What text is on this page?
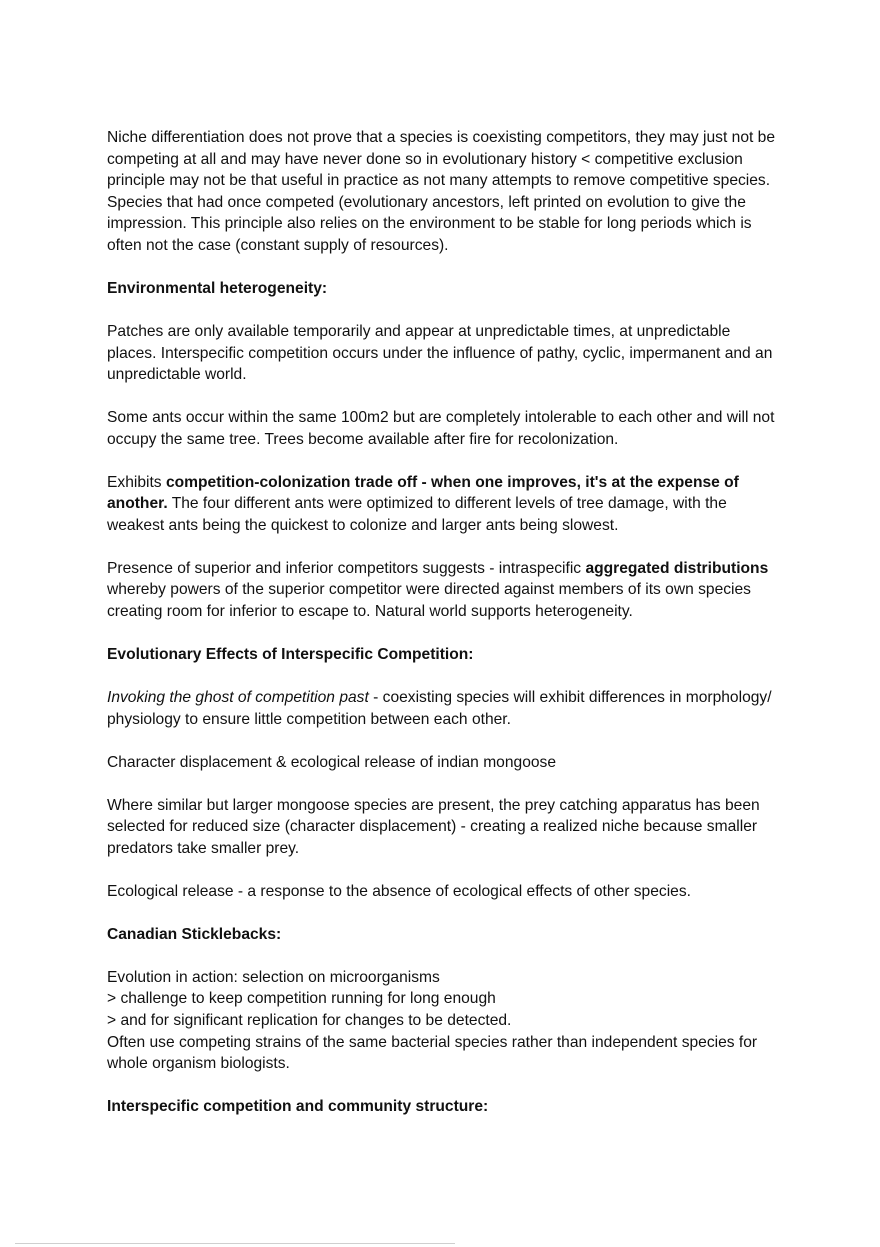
Niche differentiation does not prove that a species is coexisting competitors, they may just not be competing at all and may have never done so in evolutionary history < competitive exclusion principle may not be that useful in practice as not many attempts to remove competitive species. Species that had once competed (evolutionary ancestors, left printed on evolution to give the impression. This principle also relies on the environment to be stable for long periods which is often not the case (constant supply of resources).

Environmental heterogeneity:

Patches are only available temporarily and appear at unpredictable times, at unpredictable places. Interspecific competition occurs under the influence of pathy, cyclic, impermanent and an unpredictable world.

Some ants occur within the same 100m2 but are completely intolerable to each other and will not occupy the same tree. Trees become available after fire for recolonization.

Exhibits competition-colonization trade off - when one improves, it's at the expense of another. The four different ants were optimized to different levels of tree damage, with the weakest ants being the quickest to colonize and larger ants being slowest.

Presence of superior and inferior competitors suggests - intraspecific aggregated distributions whereby powers of the superior competitor were directed against members of its own species creating room for inferior to escape to. Natural world supports heterogeneity.

Evolutionary Effects of Interspecific Competition:

Invoking the ghost of competition past - coexisting species will exhibit differences in morphology/ physiology to ensure little competition between each other.

Character displacement & ecological release of indian mongoose

Where similar but larger mongoose species are present, the prey catching apparatus has been selected for reduced size (character displacement) - creating a realized niche because smaller predators take smaller prey.

Ecological release - a response to the absence of ecological effects of other species.

Canadian Sticklebacks:

Evolution in action: selection on microorganisms
> challenge to keep competition running for long enough
> and for significant replication for changes to be detected.
Often use competing strains of the same bacterial species rather than independent species for whole organism biologists.

Interspecific competition and community structure:
